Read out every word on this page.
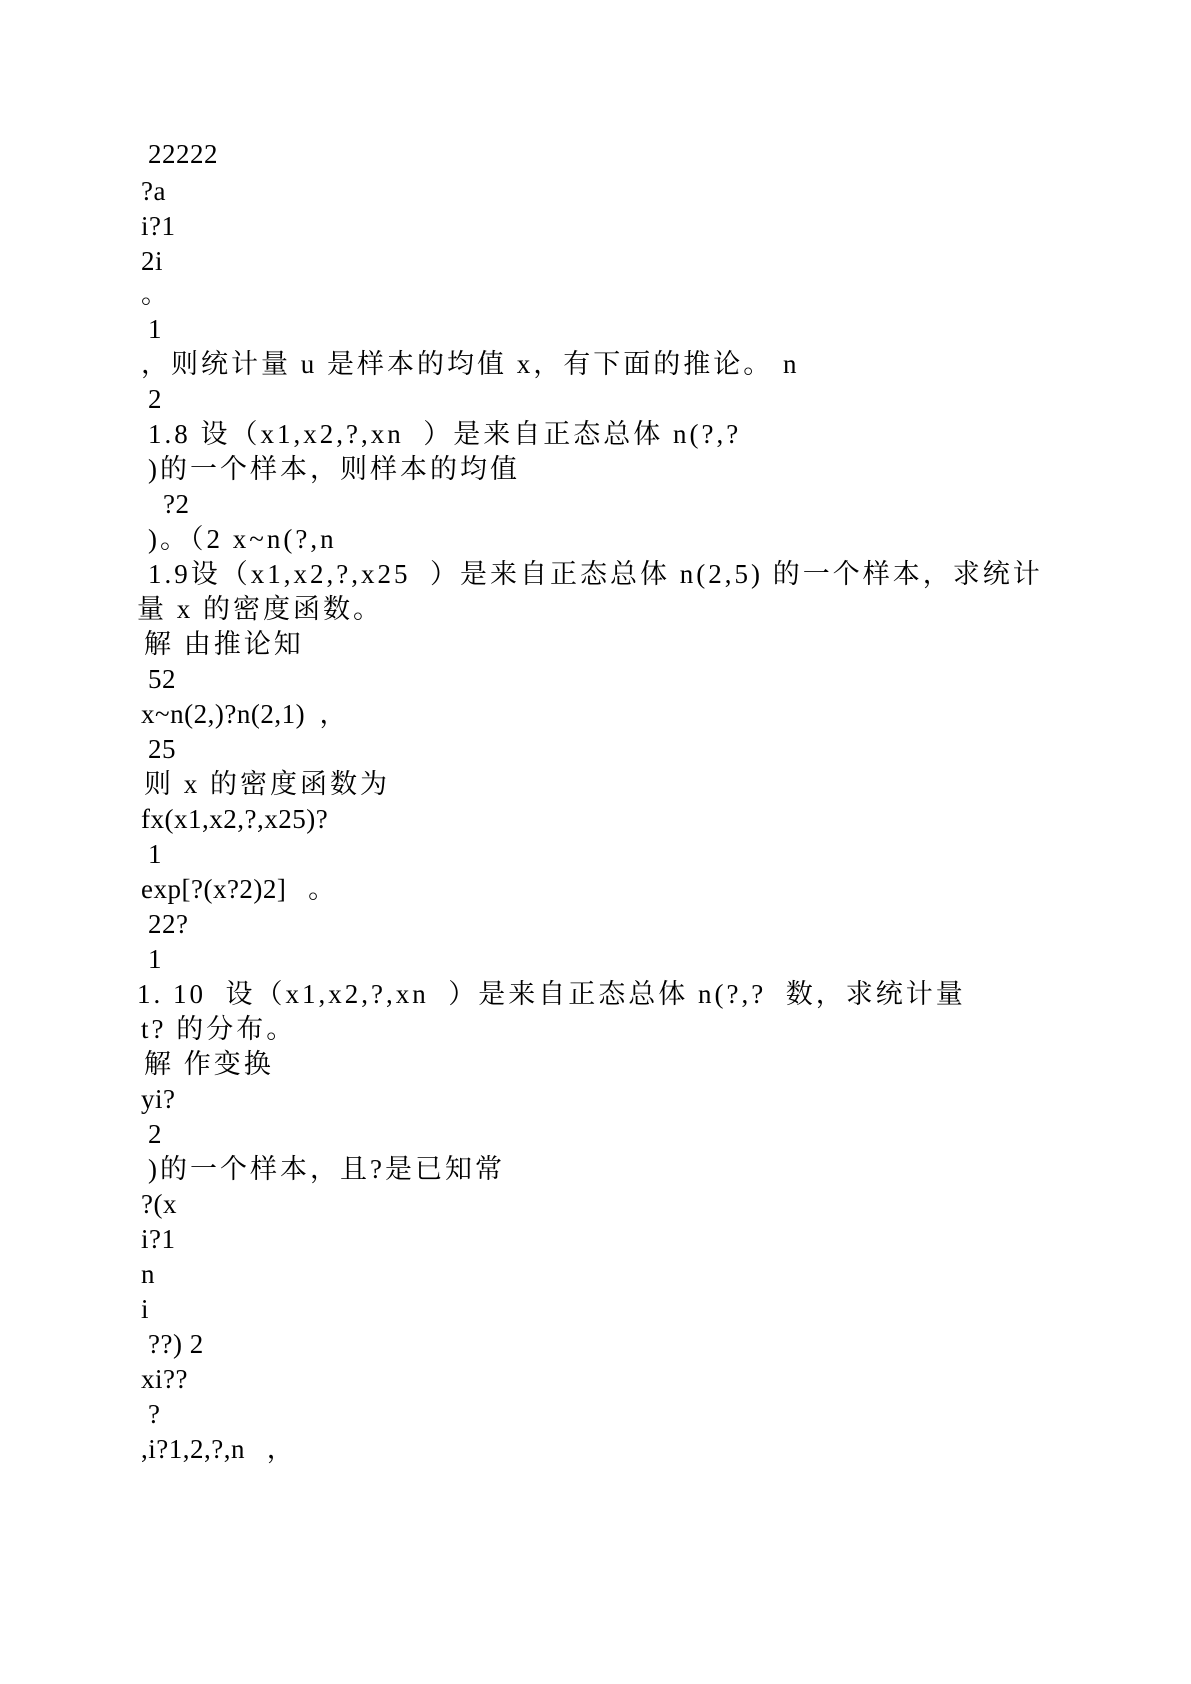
22222
?a
i?1
2i
。
1
，则统计量 u 是样本的均值 x，有下面的推论。 n
2
1.8 设（x1,x2,?,xn  ）是来自正态总体 n(?,?
)的一个样本，则样本的均值
?2
)。（2 x~n(?,n
1.9设（x1,x2,?,x25  ）是来自正态总体 n(2,5) 的一个样本，求统计
量 x 的密度函数。
解 由推论知
52
x~n(2,)?n(2,1)  ，
25
则 x 的密度函数为
fx(x1,x2,?,x25)?
1
exp[?(x?2)2]   。
22?
1
1. 10  设（x1,x2,?,xn  ）是来自正态总体 n(?,?  数，求统计量
t? 的分布。
解 作变换
yi?
2
)的一个样本，且?是已知常
?(x
i?1
n
i
??) 2
xi??
?
,i?1,2,?,n   ，
